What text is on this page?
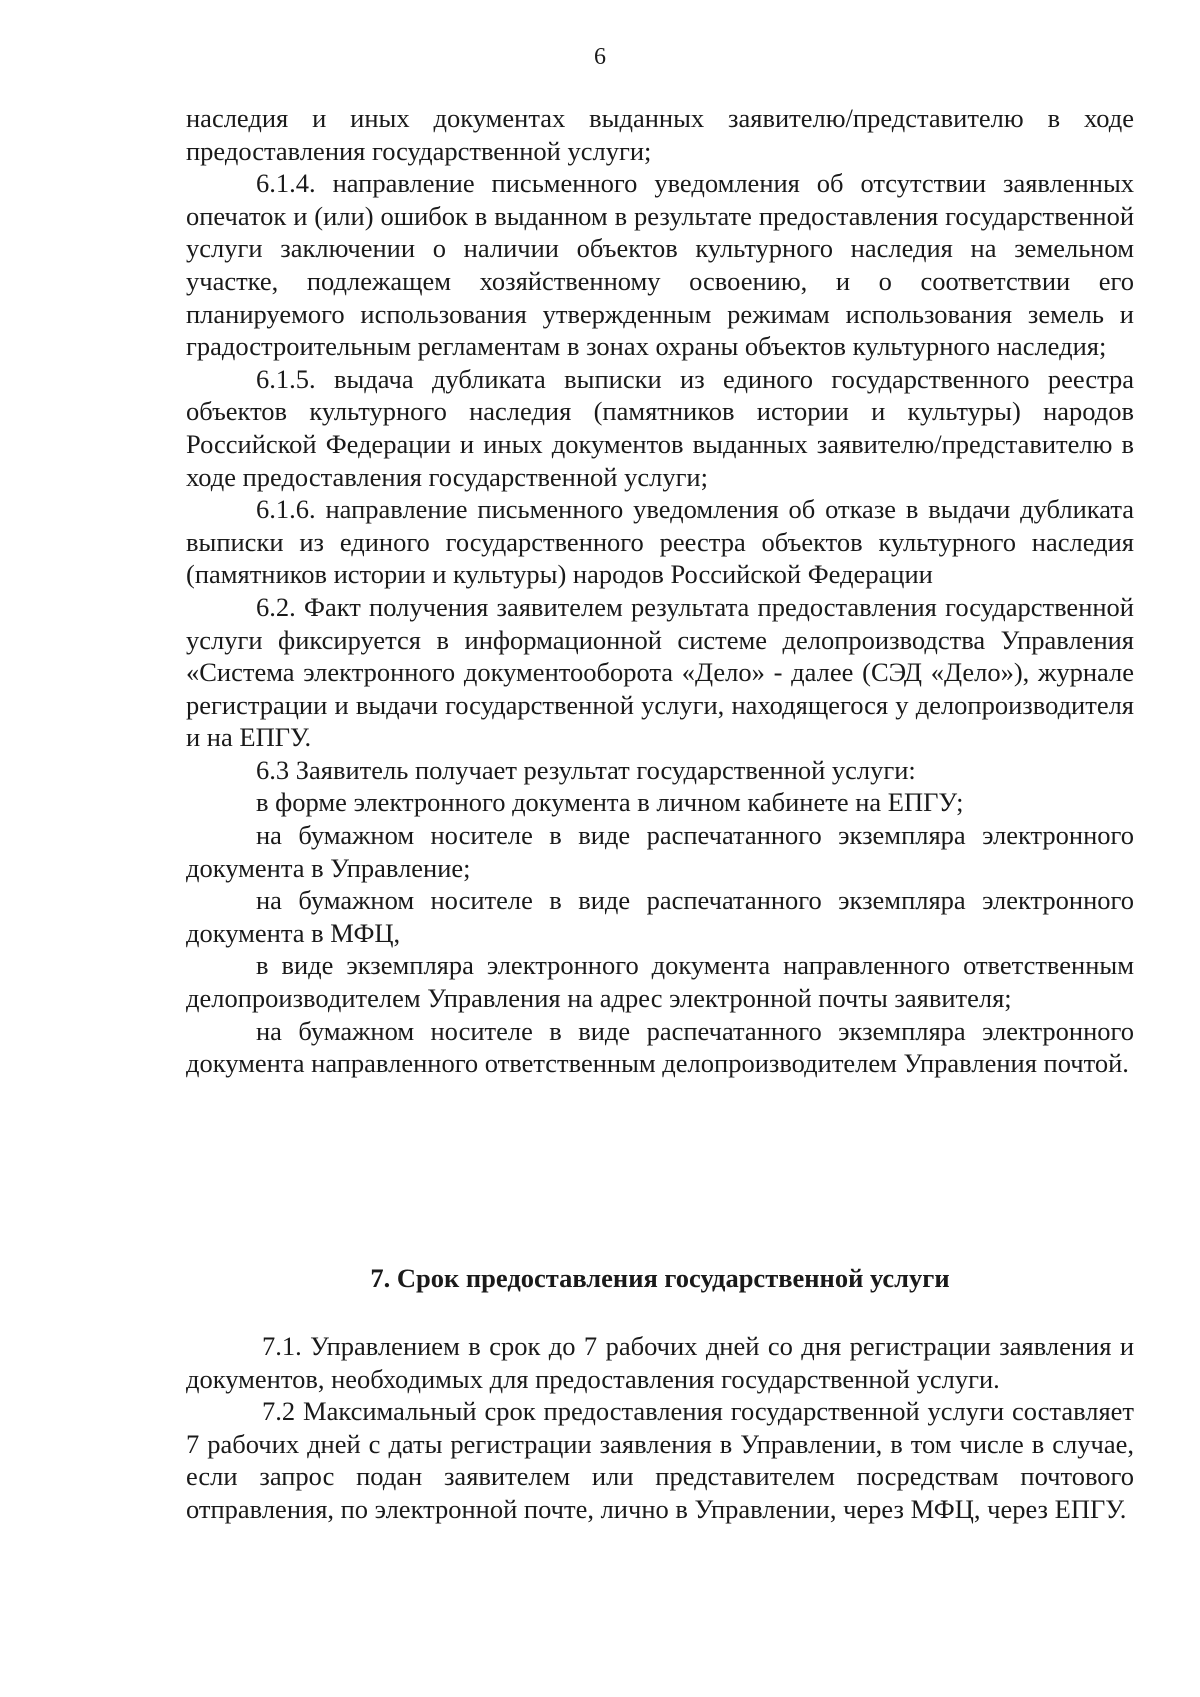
6

наследия и иных документах выданных заявителю/представителю в ходе предоставления государственной услуги;

6.1.4. направление письменного уведомления об отсутствии заявленных опечаток и (или) ошибок в выданном в результате предоставления государственной услуги заключении о наличии объектов культурного наследия на земельном участке, подлежащем хозяйственному освоению, и о соответствии его планируемого использования утвержденным режимам использования земель и градостроительным регламентам в зонах охраны объектов культурного наследия;

6.1.5. выдача дубликата выписки из единого государственного реестра объектов культурного наследия (памятников истории и культуры) народов Российской Федерации и иных документов выданных заявителю/представителю в ходе предоставления государственной услуги;

6.1.6. направление письменного уведомления об отказе в выдачи дубликата выписки из единого государственного реестра объектов культурного наследия (памятников истории и культуры) народов Российской Федерации

6.2. Факт получения заявителем результата предоставления государственной услуги фиксируется в информационной системе делопроизводства Управления «Система электронного документооборота «Дело» - далее (СЭД «Дело»), журнале регистрации и выдачи государственной услуги, находящегося у делопроизводителя и на ЕПГУ.

6.3 Заявитель получает результат государственной услуги:

в форме электронного документа в личном кабинете на ЕПГУ;

на бумажном носителе в виде распечатанного экземпляра электронного документа в Управление;

на бумажном носителе в виде распечатанного экземпляра электронного документа в МФЦ,

в виде экземпляра электронного документа направленного ответственным делопроизводителем Управления на адрес электронной почты заявителя;

на бумажном носителе в виде распечатанного экземпляра электронного документа направленного ответственным делопроизводителем Управления почтой.

7. Срок предоставления государственной услуги

7.1. Управлением в срок до 7 рабочих дней со дня регистрации заявления и документов, необходимых для предоставления государственной услуги.

7.2 Максимальный срок предоставления государственной услуги составляет 7 рабочих дней с даты регистрации заявления в Управлении, в том числе в случае, если запрос подан заявителем или представителем посредствам почтового отправления, по электронной почте, лично в Управлении, через МФЦ, через ЕПГУ.
